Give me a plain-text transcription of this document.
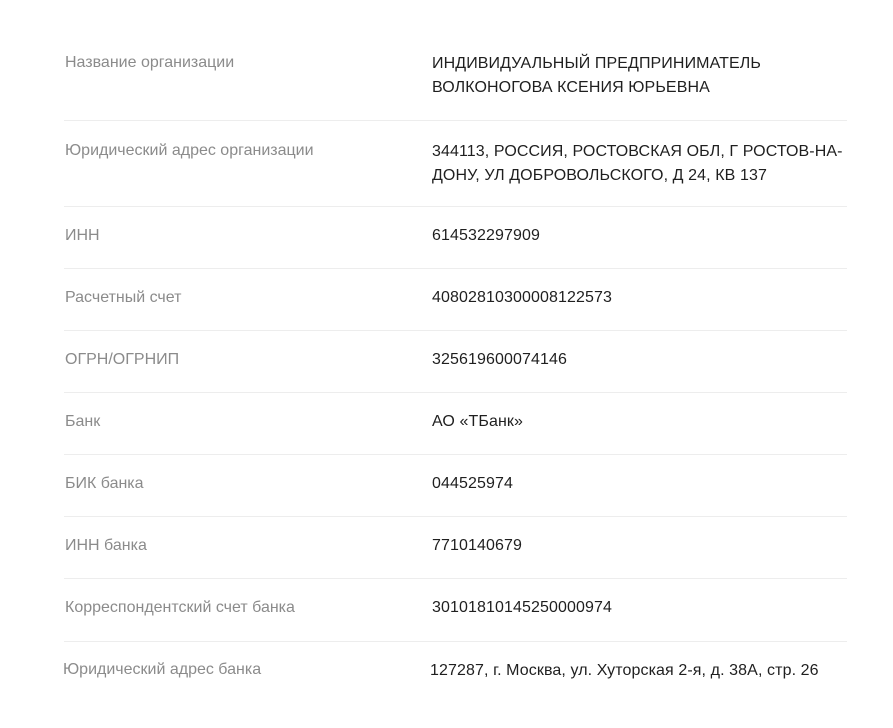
Название организации	ИНДИВИДУАЛЬНЫЙ ПРЕДПРИНИМАТЕЛЬ
ВОЛКОНОГОВА КСЕНИЯ ЮРЬЕВНА
Юридический адрес организации	344113, РОССИЯ, РОСТОВСКАЯ ОБЛ, Г РОСТОВ-НА-
ДОНУ, УЛ ДОБРОВОЛЬСКОГО, Д 24, КВ 137
ИНН	614532297909
Расчетный счет	40802810300008122573
ОГРН/ОГРНИП	325619600074146
Банк	АО «ТБанк»
БИК банка	044525974
ИНН банка	7710140679
Корреспондентский счет банка	30101810145250000974
Юридический адрес банка	127287, г. Москва, ул. Хуторская 2-я, д. 38А, стр. 26
